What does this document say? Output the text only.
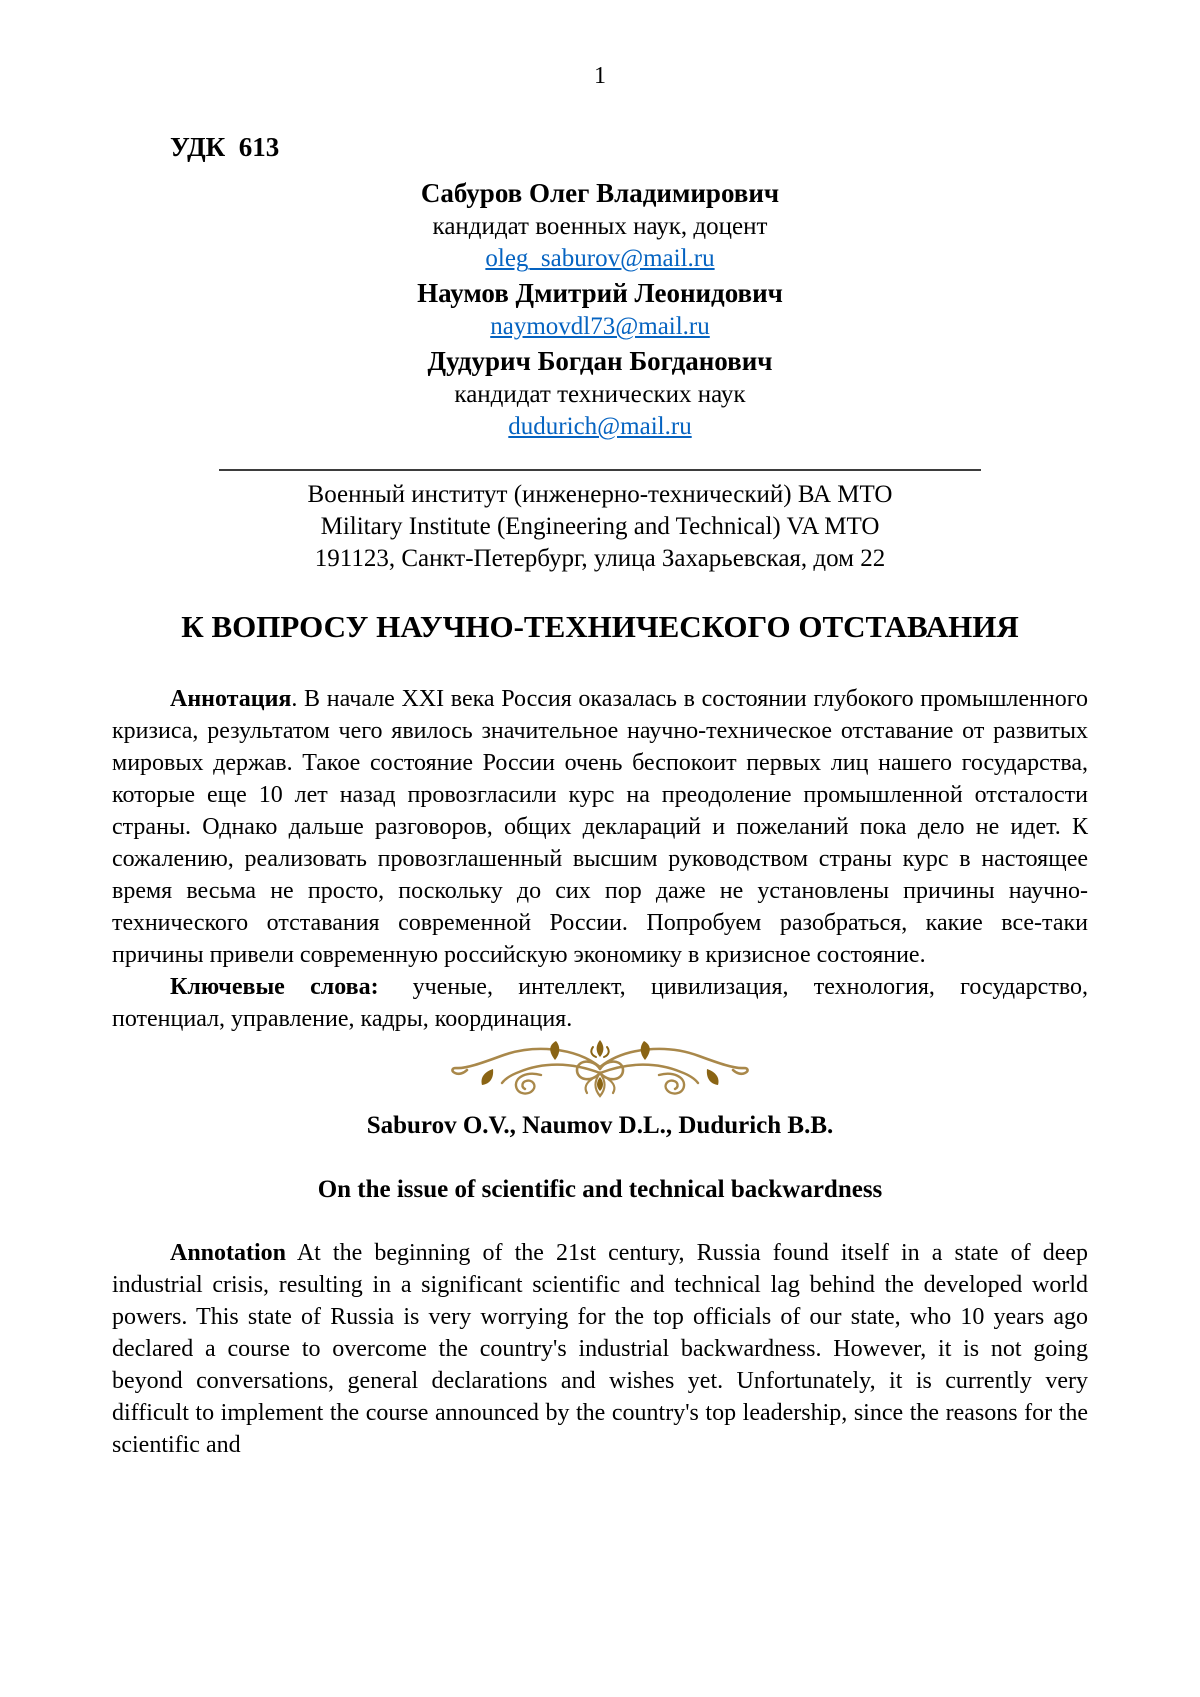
1
УДК  613
Сабуров Олег Владимирович
кандидат военных наук, доцент
oleg_saburov@mail.ru
Наумов Дмитрий Леонидович
naymovdl73@mail.ru
Дудурич Богдан Богданович
кандидат технических наук
dudurich@mail.ru
Военный институт (инженерно-технический) ВА МТО
Military Institute (Engineering and Technical) VA MTO
191123, Санкт-Петербург, улица Захарьевская, дом 22
К ВОПРОСУ НАУЧНО-ТЕХНИЧЕСКОГО ОТСТАВАНИЯ

Аннотация. В начале XXI века Россия оказалась в состоянии глубокого промышленного кризиса, результатом чего явилось значительное научно-техническое отставание от развитых мировых держав. Такое состояние России очень беспокоит первых лиц нашего государства, которые еще 10 лет назад провозгласили курс на преодоление промышленной отсталости страны. Однако дальше разговоров, общих деклараций и пожеланий пока дело не идет. К сожалению, реализовать провозглашенный высшим руководством страны курс в настоящее время весьма не просто, поскольку до сих пор даже не установлены причины научно-технического отставания современной России. Попробуем разобраться, какие все-таки причины привели современную российскую экономику в кризисное состояние.

Ключевые слова: ученые, интеллект, цивилизация, технология, государство, потенциал, управление, кадры, координация.

Saburov O.V., Naumov D.L., Dudurich B.B.
On the issue of scientific and technical backwardness

Annotation At the beginning of the 21st century, Russia found itself in a state of deep industrial crisis, resulting in a significant scientific and technical lag behind the developed world powers. This state of Russia is very worrying for the top officials of our state, who 10 years ago declared a course to overcome the country's industrial backwardness. However, it is not going beyond conversations, general declarations and wishes yet. Unfortunately, it is currently very difficult to implement the course announced by the country's top leadership, since the reasons for the scientific and
